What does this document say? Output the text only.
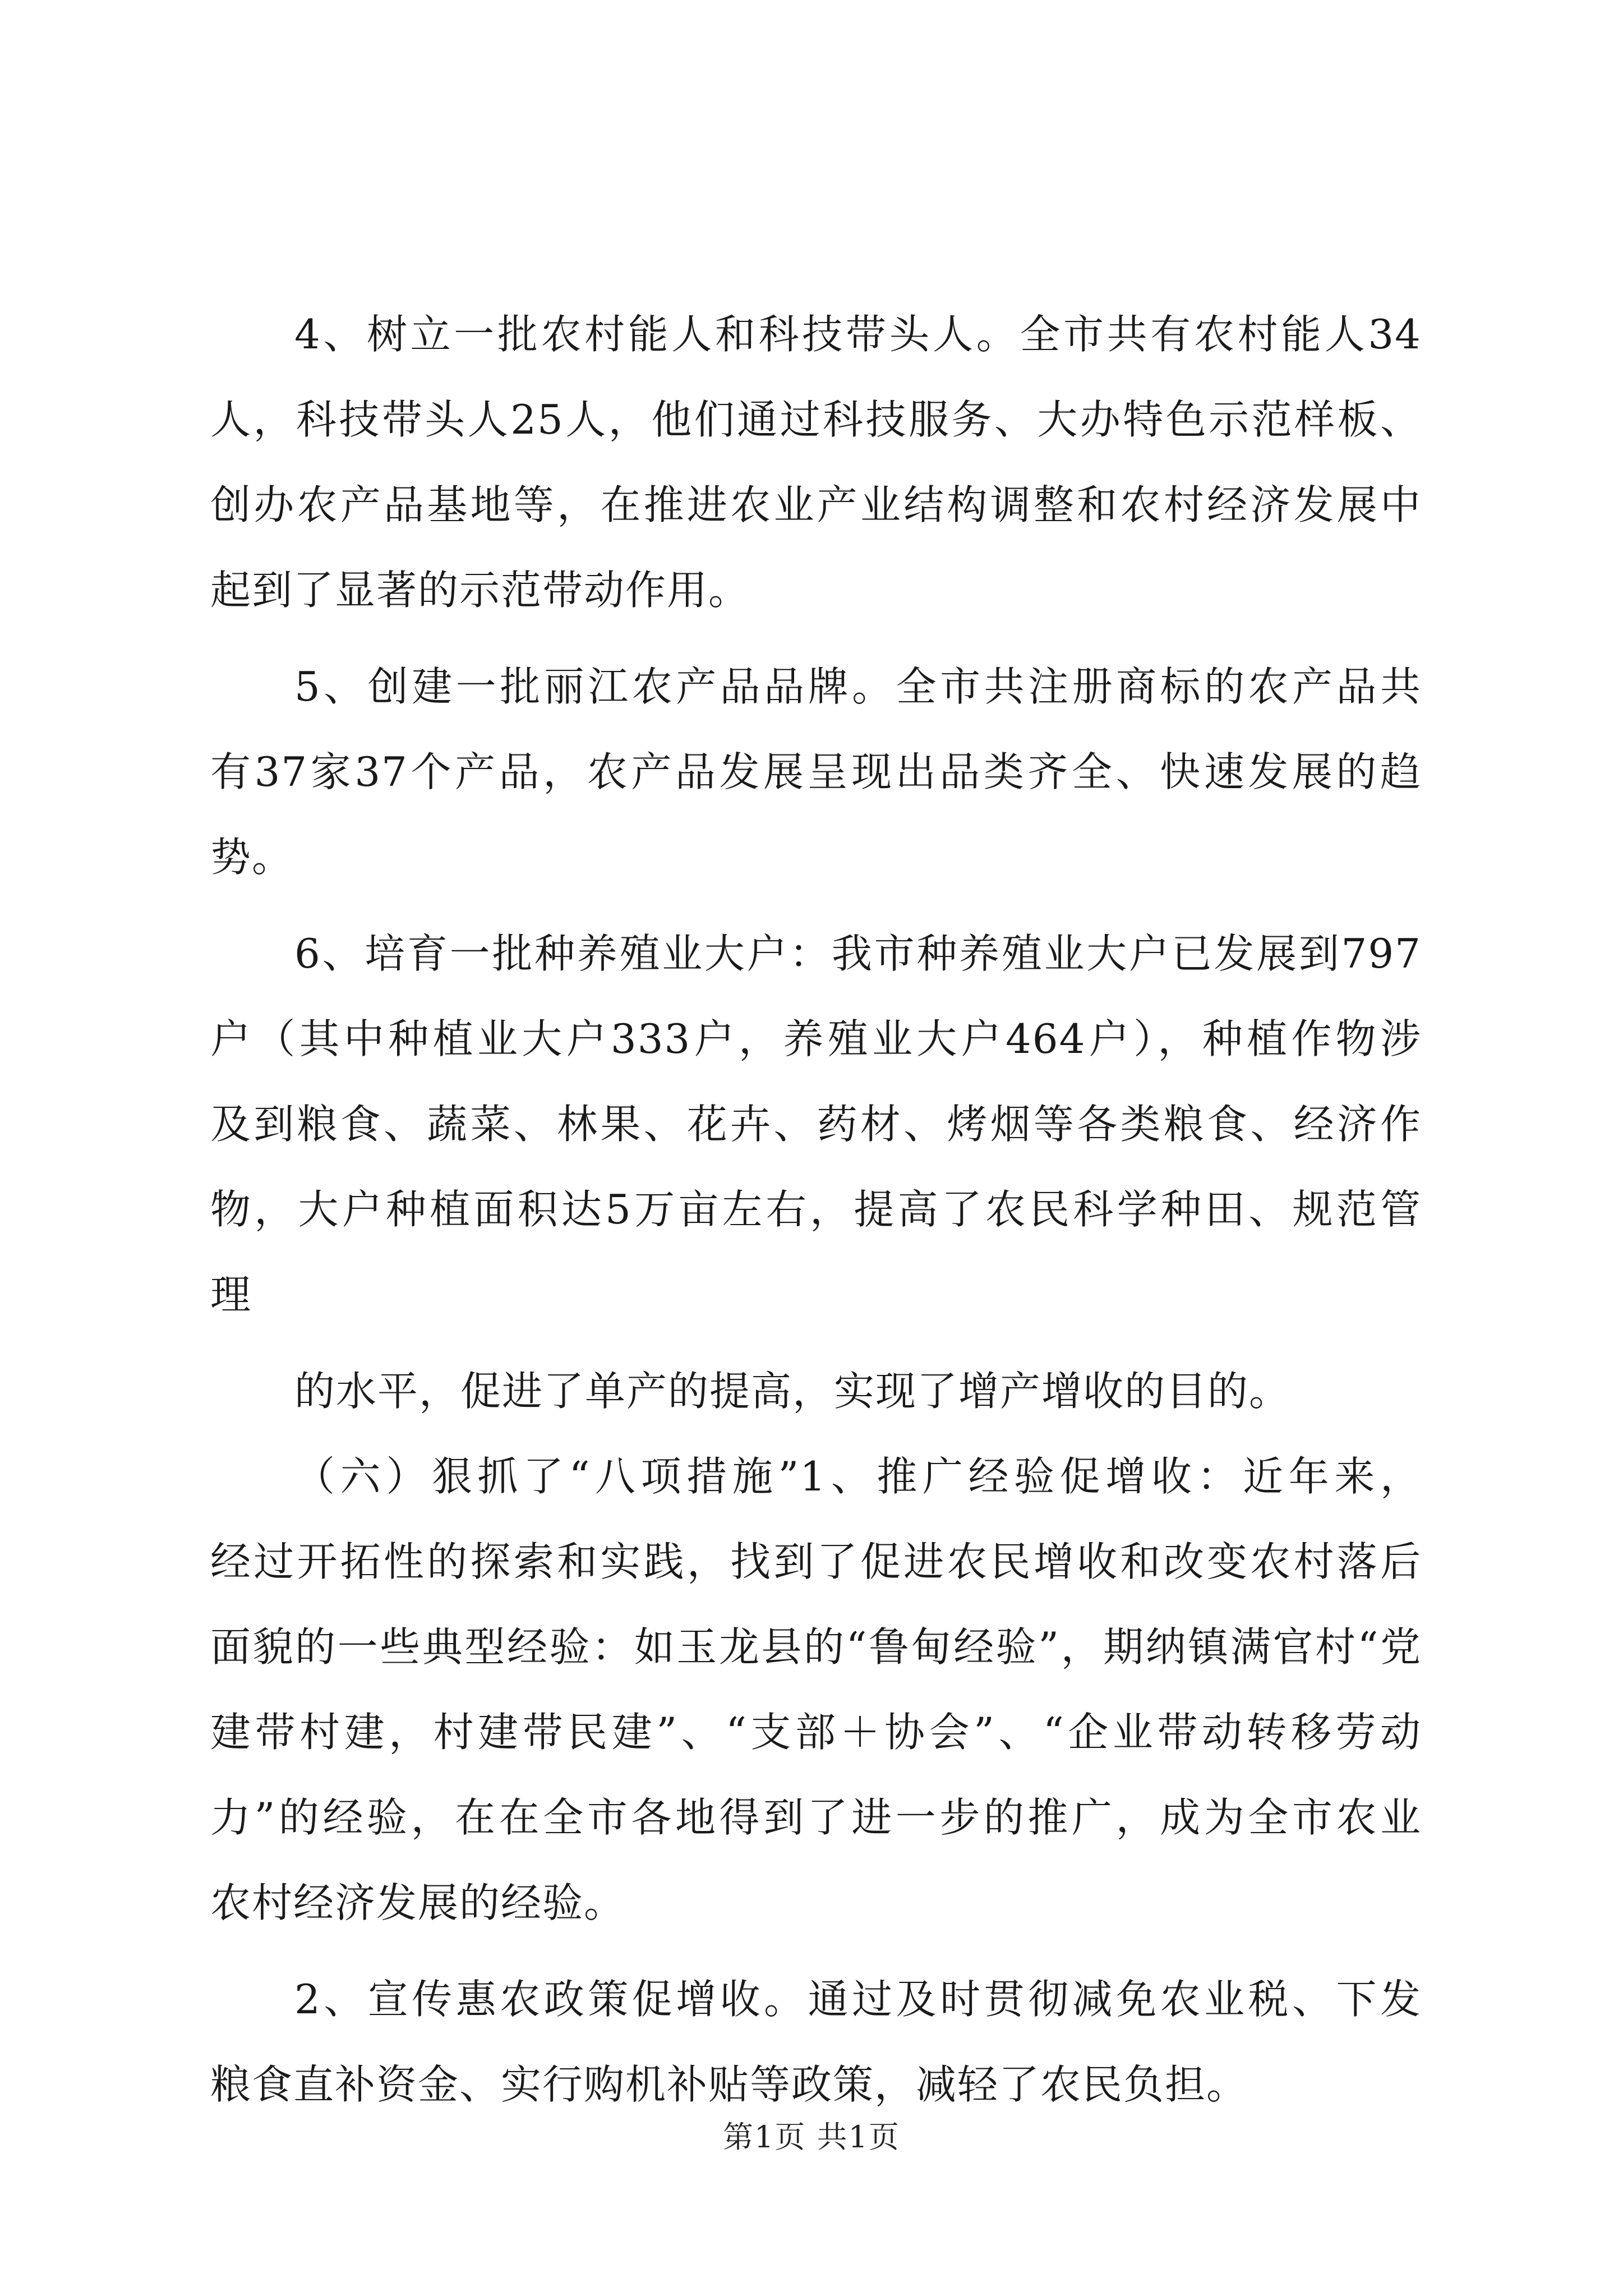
4、树立一批农村能人和科技带头人。全市共有农村能人34
人，科技带头人25人，他们通过科技服务、大办特色示范样板、
创办农产品基地等，在推进农业产业结构调整和农村经济发展中
起到了显著的示范带动作用。
5、创建一批丽江农产品品牌。全市共注册商标的农产品共
有37家37个产品，农产品发展呈现出品类齐全、快速发展的趋
势。
6、培育一批种养殖业大户：我市种养殖业大户已发展到797
户（其中种植业大户333户，养殖业大户464户），种植作物涉
及到粮食、蔬菜、林果、花卉、药材、烤烟等各类粮食、经济作
物，大户种植面积达5万亩左右，提高了农民科学种田、规范管
理
的水平，促进了单产的提高，实现了增产增收的目的。
（六）狠抓了“八项措施”1、推广经验促增收：近年来，
经过开拓性的探索和实践，找到了促进农民增收和改变农村落后
面貌的一些典型经验：如玉龙县的“鲁甸经验”，期纳镇满官村“党
建带村建，村建带民建”、“支部＋协会”、“企业带动转移劳动
力”的经验，在在全市各地得到了进一步的推广，成为全市农业
农村经济发展的经验。
2、宣传惠农政策促增收。通过及时贯彻减免农业税、下发
粮食直补资金、实行购机补贴等政策，减轻了农民负担。
第1页 共1页
